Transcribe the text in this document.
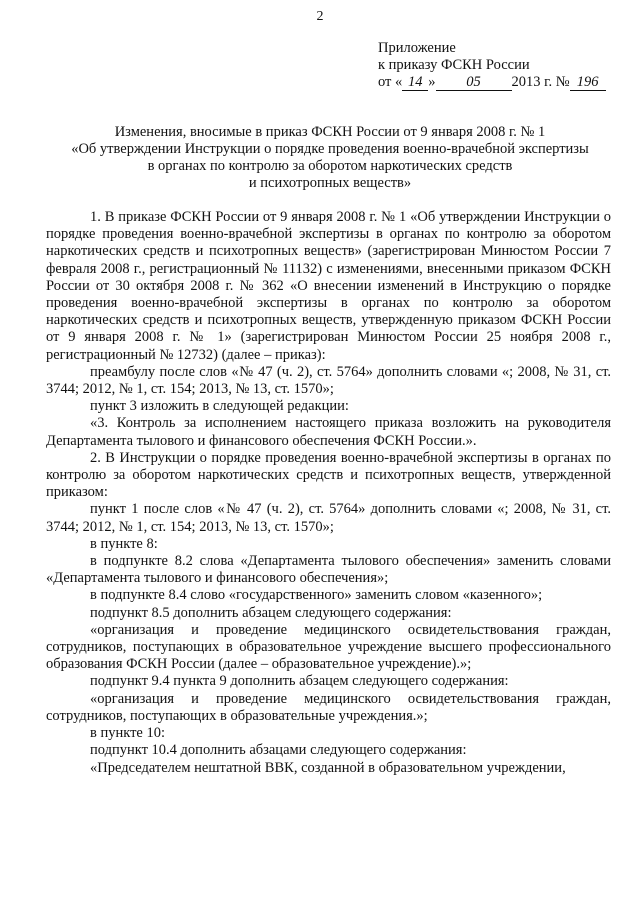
2
Приложение
к приказу ФСКН России
от « 14 » 05 2013 г. № 196
Изменения, вносимые в приказ ФСКН России от 9 января 2008 г. № 1
«Об утверждении Инструкции о порядке проведения военно-врачебной экспертизы
в органах по контролю за оборотом наркотических средств
и психотропных веществ»

1. В приказе ФСКН России от 9 января 2008 г. № 1 «Об утверждении Инструкции о порядке проведения военно-врачебной экспертизы в органах по контролю за оборотом наркотических средств и психотропных веществ» (зарегистрирован Минюстом России 7 февраля 2008 г., регистрационный № 11132) с изменениями, внесенными приказом ФСКН России от 30 октября 2008 г. № 362 «О внесении изменений в Инструкцию о порядке проведения военно-врачебной экспертизы в органах по контролю за оборотом наркотических средств и психотропных веществ, утвержденную приказом ФСКН России от 9 января 2008 г. № 1» (зарегистрирован Минюстом России 25 ноября 2008 г., регистрационный № 12732) (далее – приказ):

преамбулу после слов «№ 47 (ч. 2), ст. 5764» дополнить словами «; 2008, № 31, ст. 3744; 2012, № 1, ст. 154; 2013, № 13, ст. 1570»;

пункт 3 изложить в следующей редакции:

«3. Контроль за исполнением настоящего приказа возложить на руководителя Департамента тылового и финансового обеспечения ФСКН России.».

2. В Инструкции о порядке проведения военно-врачебной экспертизы в органах по контролю за оборотом наркотических средств и психотропных веществ, утвержденной приказом:

пункт 1 после слов «№ 47 (ч. 2), ст. 5764» дополнить словами «; 2008, № 31, ст. 3744; 2012, № 1, ст. 154; 2013, № 13, ст. 1570»;

в пункте 8:

в подпункте 8.2 слова «Департамента тылового обеспечения» заменить словами «Департамента тылового и финансового обеспечения»;

в подпункте 8.4 слово «государственного» заменить словом «казенного»;

подпункт 8.5 дополнить абзацем следующего содержания:

«организация и проведение медицинского освидетельствования граждан, сотрудников, поступающих в образовательное учреждение высшего профессионального образования ФСКН России (далее – образовательное учреждение).»;

подпункт 9.4 пункта 9 дополнить абзацем следующего содержания:

«организация и проведение медицинского освидетельствования граждан, сотрудников, поступающих в образовательные учреждения.»;

в пункте 10:

подпункт 10.4 дополнить абзацами следующего содержания:

«Председателем нештатной ВВК, созданной в образовательном учреждении,
